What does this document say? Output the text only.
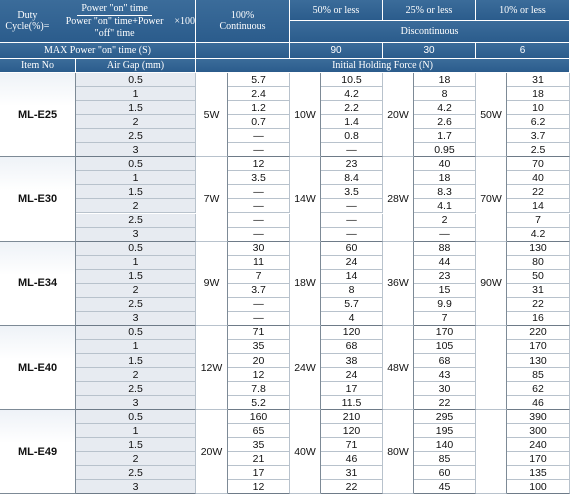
Duty Cycle(%)= $\frac{\text{Power "on" time}}{\text{Power "on" time+Power "off" time}} \times 100$	100% Continuous
50% or less	25% or less	10% or less
Discontinuous
MAX Power "on" time (S)	90	30	6
Item No	Air Gap (mm)	Initial Holding Force (N)
ML-E25	5W	10W	20W	50W
0.5	5.7	10.5	18	31
1	2.4	4.2	8	18
1.5	1.2	2.2	4.2	10
2	0.7	1.4	2.6	6.2
2.5	—	0.8	1.7	3.7
3	—	—	0.95	2.5
ML-E30	7W	14W	28W	70W
0.5	12	23	40	70
1	3.5	8.4	18	40
1.5	—	3.5	8.3	22
2	—	—	4.1	14
2.5	—	—	2	7
3	—	—	—	4.2
ML-E34	9W	18W	36W	90W
0.5	30	60	88	130
1	11	24	44	80
1.5	7	14	23	50
2	3.7	8	15	31
2.5	—	5.7	9.9	22
3	—	4	7	16
ML-E40	12W	24W	48W
0.5	71	120	170	220
1	35	68	105	170
1.5	20	38	68	130
2	12	24	43	85
2.5	7.8	17	30	62
3	5.2	11.5	22	46
ML-E49	20W	40W	80W
0.5	160	210	295	390
1	65	120	195	300
1.5	35	71	140	240
2	21	46	85	170
2.5	17	31	60	135
3	12	22	45	100
